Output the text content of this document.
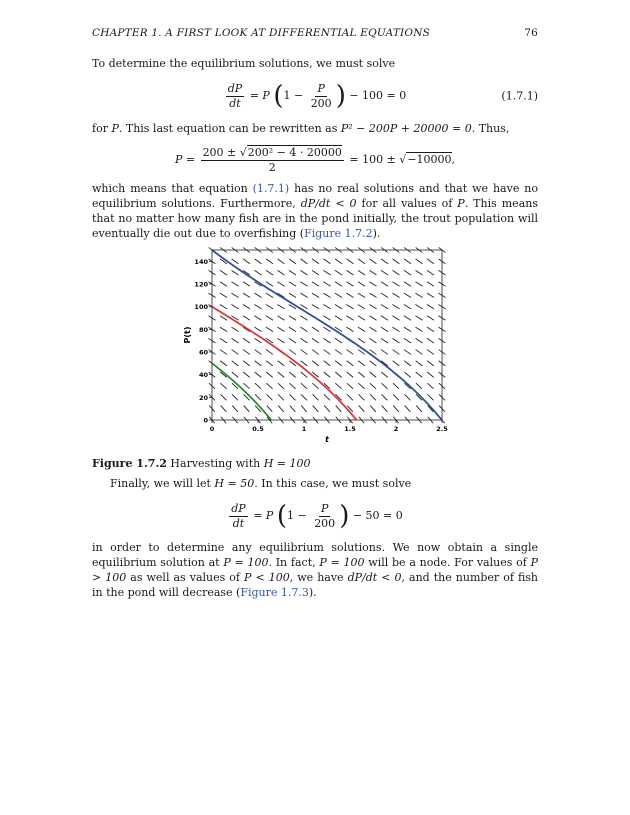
CHAPTER 1. A FIRST LOOK AT DIFFERENTIAL EQUATIONS	76
To determine the equilibrium solutions, we must solve
$\frac{dP}{dt} = P$ ($1 - \frac{P}{200}$ ) − 100 = 0	(1.7.1)
for P. This last equation can be rewritten as P² − 200P + 20000 = 0. Thus,
$P = \frac{\text{200 ± √200² − 4 · 20000}}{2} = 100 \pm √-10000$,
which means that equation (1.7.1) has no real solutions and that we have no equilibrium solutions. Furthermore, dP/dt < 0 for all values of P. This means that no matter how many fish are in the pond initially, the trout population will eventually die out due to overfishing (Figure 1.7.2).
0	0.5	1	1.5	2	2.5
0
20
40
60
80
100
120
140
t
P(t)
Figure 1.7.2 Harvesting with H = 100
Finally, we will let H = 50. In this case, we must solve
$\frac{dP}{dt} = P$ ($1 - \frac{P}{200}$ ) − 50 = 0
in order to determine any equilibrium solutions. We now obtain a single equilibrium solution at P = 100. In fact, P = 100 will be a node. For values of P > 100 as well as values of P < 100, we have dP/dt < 0, and the number of fish in the pond will decrease (Figure 1.7.3).
